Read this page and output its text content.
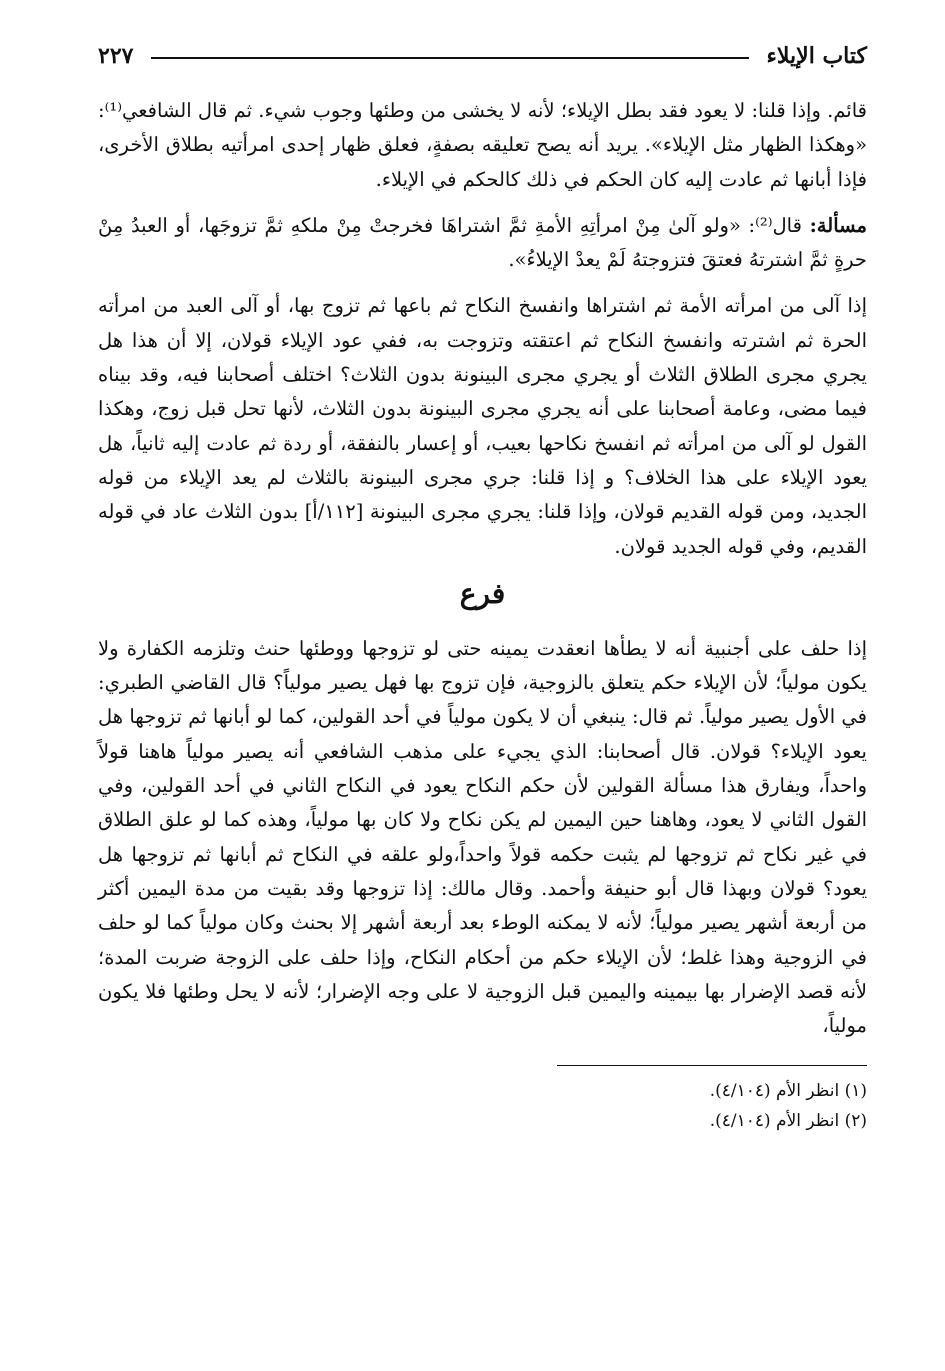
كتاب الإيلاء
٢٢٧

قائم. وإذا قلنا: لا يعود فقد بطل الإيلاء؛ لأنه لا يخشى من وطئها وجوب شيء. ثم قال الشافعي⁽¹⁾: «وهكذا الظهار مثل الإيلاء». يريد أنه يصح تعليقه بصفةٍ، فعلق ظهار إحدى امرأتيه بطلاق الأخرى، فإذا أبانها ثم عادت إليه كان الحكم في ذلك كالحكم في الإيلاء.

مسألة: قال⁽²⁾: «ولو آلىٰ مِنْ امرأتِهِ الأمةِ ثمَّ اشتراهَا فخرجتْ مِنْ ملكهِ ثمَّ تزوجَها، أو العبدُ مِنْ حرةٍ ثمَّ اشترتهُ فعتقَ فتزوجتهُ لَمْ يعدْ الإيلاءُ».

إذا آلى من امرأته الأمة ثم اشتراها وانفسخ النكاح ثم باعها ثم تزوج بها، أو آلى العبد من امرأته الحرة ثم اشترته وانفسخ النكاح ثم اعتقته وتزوجت به، ففي عود الإيلاء قولان، إلا أن هذا هل يجري مجرى الطلاق الثلاث أو يجري مجرى البينونة بدون الثلاث؟ اختلف أصحابنا فيه، وقد بيناه فيما مضى، وعامة أصحابنا على أنه يجري مجرى البينونة بدون الثلاث، لأنها تحل قبل زوج، وهكذا القول لو آلى من امرأته ثم انفسخ نكاحها بعيب، أو إعسار بالنفقة، أو ردة ثم عادت إليه ثانياً، هل يعود الإيلاء على هذا الخلاف؟ و إذا قلنا: جري مجرى البينونة بالثلاث لم يعد الإيلاء من قوله الجديد، ومن قوله القديم قولان، وإذا قلنا: يجري مجرى البينونة [١١٢/أ] بدون الثلاث عاد في قوله القديم، وفي قوله الجديد قولان.

فرع

إذا حلف على أجنبية أنه لا يطأها انعقدت يمينه حتى لو تزوجها ووطئها حنث وتلزمه الكفارة ولا يكون مولياً؛ لأن الإيلاء حكم يتعلق بالزوجية، فإن تزوج بها فهل يصير مولياً؟ قال القاضي الطبري: في الأول يصير مولياً. ثم قال: ينبغي أن لا يكون مولياً في أحد القولين، كما لو أبانها ثم تزوجها هل يعود الإيلاء؟ قولان. قال أصحابنا: الذي يجيء على مذهب الشافعي أنه يصير مولياً هاهنا قولاً واحداً، ويفارق هذا مسألة القولين لأن حكم النكاح يعود في النكاح الثاني في أحد القولين، وفي القول الثاني لا يعود، وهاهنا حين اليمين لم يكن نكاح ولا كان بها مولياً، وهذه كما لو علق الطلاق في غير نكاح ثم تزوجها لم يثبت حكمه قولاً واحداً،ولو علقه في النكاح ثم أبانها ثم تزوجها هل يعود؟ قولان وبهذا قال أبو حنيفة وأحمد. وقال مالك: إذا تزوجها وقد بقيت من مدة اليمين أكثر من أربعة أشهر يصير مولياً؛ لأنه لا يمكنه الوطء بعد أربعة أشهر إلا بحنث وكان مولياً كما لو حلف في الزوجية وهذا غلط؛ لأن الإيلاء حكم من أحكام النكاح، وإذا حلف على الزوجة ضربت المدة؛ لأنه قصد الإضرار بها بيمينه واليمين قبل الزوجية لا على وجه الإضرار؛ لأنه لا يحل وطئها فلا يكون مولياً،

(١) انظر الأم (٤/١٠٤).

(٢) انظر الأم (٤/١٠٤).
